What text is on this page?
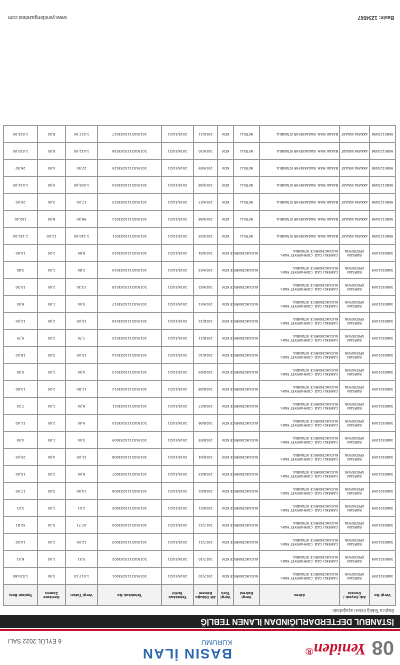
08
Yeniden®
BASIN İLAN
KURUMU
6 EYLÜL 2022 SALI
İSTANBUL DEFTERDARLIĞINDAN İLANEN TEBLİĞ
Başlıca Tebliğ listesi aşağıdadır.
Vergi No	Adı Soyadı / Ünvanı	Adres	Vergi Dairesi	Vergi Türü	Ait Olduğu Dönem	Tahakkuk Tarihi	Tahakkuk No	Vergi Tutarı	Gecikme Zammı	Toplam Borç
3480521009	BURSAN SPEDISYON	CAMEKLI CAD. CUMHURIYET MAH. KUCUKCEKMECE ISTANBUL	KUCUKCEKMECE	KDV	2017/10	2019/10/21	2019102115203001	1.017,10	3,50	1.020,60
3480521009	BURSAN SPEDISYON	CAMEKLI CAD. CUMHURIYET MAH. KUCUKCEKMECE ISTANBUL	KUCUKCEKMECE	KDV	2017/10	2019/10/21	2019102115203002	5,51	1,00	6,51
3480521009	BURSAN SPEDISYON	CAMEKLI CAD. CUMHURIYET MAH. KUCUKCEKMECE ISTANBUL	KUCUKCEKMECE	KDV	2017/11	2019/10/21	2019102115203003	12,00	2,00	14,00
3480521009	BURSAN SPEDISYON	CAMEKLI CAD. CUMHURIYET MAH. KUCUKCEKMECE ISTANBUL	KUCUKCEKMECE	KDV	2017/12	2019/10/21	2019102115203004	47,71	5,10	52,81
3480521009	BURSAN SPEDISYON	CAMEKLI CAD. CUMHURIYET MAH. KUCUKCEKMECE ISTANBUL	KUCUKCEKMECE	KDV	2018/01	2019/10/21	2019102115203005	2,01	1,00	3,01
3480521009	BURSAN SPEDISYON	CAMEKLI CAD. CUMHURIYET MAH. KUCUKCEKMECE ISTANBUL	KUCUKCEKMECE	KDV	2018/02	2019/10/21	2019102115203006	14,90	3,00	17,90
3480521009	BURSAN SPEDISYON	CAMEKLI CAD. CUMHURIYET MAH. KUCUKCEKMECE ISTANBUL	KUCUKCEKMECE	KDV	2018/03	2019/10/21	2019102115203007	8,00	2,00	10,00
3480521009	BURSAN SPEDISYON	CAMEKLI CAD. CUMHURIYET MAH. KUCUKCEKMECE ISTANBUL	KUCUKCEKMECE	KDV	2018/04	2019/10/21	2019102115203008	21,00	4,00	25,00
3480521009	BURSAN SPEDISYON	CAMEKLI CAD. CUMHURIYET MAH. KUCUKCEKMECE ISTANBUL	KUCUKCEKMECE	KDV	2018/05	2019/10/21	2019102115203009	3,00	1,00	4,00
3480521009	BURSAN SPEDISYON	CAMEKLI CAD. CUMHURIYET MAH. KUCUKCEKMECE ISTANBUL	KUCUKCEKMECE	KDV	2018/06	2019/10/21	2019102115203010	9,40	2,00	11,40
3480521009	BURSAN SPEDISYON	CAMEKLI CAD. CUMHURIYET MAH. KUCUKCEKMECE ISTANBUL	KUCUKCEKMECE	KDV	2018/07	2019/10/21	2019102115203011	6,20	1,00	7,20
3480521009	BURSAN SPEDISYON	CAMEKLI CAD. CUMHURIYET MAH. KUCUKCEKMECE ISTANBUL	KUCUKCEKMECE	KDV	2018/08	2019/10/21	2019102115203012	11,80	2,00	13,80
3480521009	BURSAN SPEDISYON	CAMEKLI CAD. CUMHURIYET MAH. KUCUKCEKMECE ISTANBUL	KUCUKCEKMECE	KDV	2018/09	2019/10/21	2019102115203013	4,50	1,00	5,50
3480521009	BURSAN SPEDISYON	CAMEKLI CAD. CUMHURIYET MAH. KUCUKCEKMECE ISTANBUL	KUCUKCEKMECE	KDV	2018/10	2019/10/21	2019102115203014	15,00	3,00	18,00
3480521009	BURSAN SPEDISYON	CAMEKLI CAD. CUMHURIYET MAH. KUCUKCEKMECE ISTANBUL	KUCUKCEKMECE	KDV	2018/11	2019/10/21	2019102115203015	7,70	2,00	9,70
3480521009	BURSAN SPEDISYON	CAMEKLI CAD. CUMHURIYET MAH. KUCUKCEKMECE ISTANBUL	KUCUKCEKMECE	KDV	2018/12	2019/10/21	2019102115203016	10,00	2,00	12,00
3480521009	BURSAN SPEDISYON	CAMEKLI CAD. CUMHURIYET MAH. KUCUKCEKMECE ISTANBUL	KUCUKCEKMECE	KDV	2019/01	2019/10/21	2019102115203017	5,00	1,00	6,00
3480521009	BURSAN SPEDISYON	CAMEKLI CAD. CUMHURIYET MAH. KUCUKCEKMECE ISTANBUL	KUCUKCEKMECE	KDV	2019/02	2019/10/21	2019102115203018	13,30	2,00	15,30
3480521009	BURSAN SPEDISYON	CAMEKLI CAD. CUMHURIYET MAH. KUCUKCEKMECE ISTANBUL	KUCUKCEKMECE	KDV	2019/03	2019/10/21	2019102115203019	2,80	1,00	3,80
3480521009	BURSAN SPEDISYON	CAMEKLI CAD. CUMHURIYET MAH. KUCUKCEKMECE ISTANBUL	KUCUKCEKMECE	KDV	2019/04	2019/10/21	2019102115203020	8,60	2,00	10,60
9080123456	AKKAYA INSAAT	BASAK MAH. BASAKSEHIR ISTANBUL	IKITELLI	KDV	2019/05	2019/10/21	2019102115203021	1.140,00	12,00	1.152,00
9080123456	AKKAYA INSAAT	BASAK MAH. BASAKSEHIR ISTANBUL	IKITELLI	KDV	2019/06	2019/10/21	2019102115203022	96,40	6,00	102,40
9080123456	AKKAYA INSAAT	BASAK MAH. BASAKSEHIR ISTANBUL	IKITELLI	KDV	2019/07	2019/10/21	2019102115203023	17,00	3,00	20,00
9080123456	AKKAYA INSAAT	BASAK MAH. BASAKSEHIR ISTANBUL	IKITELLI	KDV	2019/08	2019/10/21	2019102115203024	1.005,00	9,00	1.014,00
9080123456	AKKAYA INSAAT	BASAK MAH. BASAKSEHIR ISTANBUL	IKITELLI	KDV	2019/09	2019/10/21	2019102115203025	22,50	4,00	26,50
9080123456	AKKAYA INSAAT	BASAK MAH. BASAKSEHIR ISTANBUL	IKITELLI	KDV	2019/10	2019/10/21	2019102115203026	1.012,00	8,00	1.020,00
9080123456	AKKAYA INSAAT	BASAK MAH. BASAKSEHIR ISTANBUL	IKITELLI	KDV	2019/11	2019/10/21	2019102115203027	1.017,00	8,00	1.025,00
Basin: 1234567
www.yenidengazetesi.com
